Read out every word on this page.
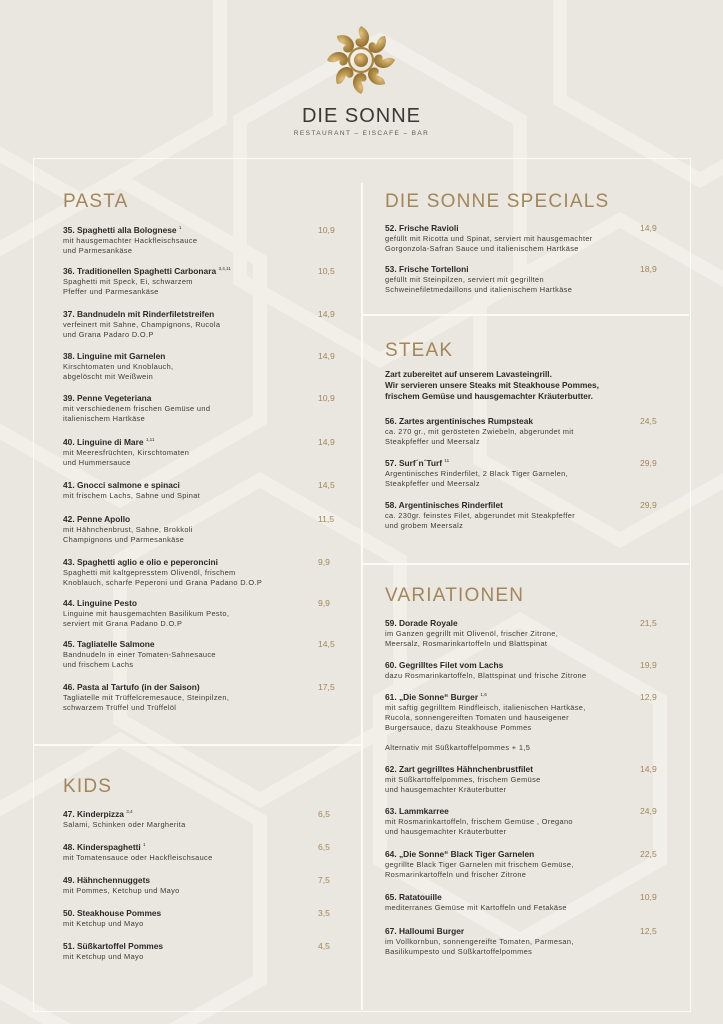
DIE SONNE
RESTAURANT – EISCAFE – BAR
PASTA
KIDS
DIE SONNE SPECIALS
STEAK
VARIATIONEN
Zart zubereitet auf unserem Lavasteingrill.
Wir servieren unsere Steaks mit Steakhouse Pommes,
frischem Gemüse und hausgemachter Kräuterbutter.
Alternativ mit Süßkartoffelpommes + 1,5
35. Spaghetti alla Bolognese $^1$
mit hausgemachter Hackfleischsauce
und Parmesankäse
10,9
36. Traditionellen Spaghetti Carbonara $^{3,4,11}$
Spaghetti mit Speck, Ei, schwarzem
Pfeffer und Parmesankäse
10,5
37. Bandnudeln mit Rinderfiletstreifen
verfeinert mit Sahne, Champignons, Rucola
und Grana Padaro D.O.P
14,9
38. Linguine mit Garnelen
Kirschtomaten und Knoblauch,
abgelöscht mit Weißwein
14,9
39. Penne Vegeteriana
mit verschiedenem frischen Gemüse und
italienischem Hartkäse
10,9
40. Linguine di Mare $^{1,11}$
mit Meeresfrüchten, Kirschtomaten
und Hummersauce
14,9
41. Gnocci salmone e spinaci
mit frischem Lachs, Sahne und Spinat
14,5
42. Penne Apollo
mit Hähnchenbrust, Sahne, Brokkoli
Champignons und Parmesankäse
11,5
43. Spaghetti aglio e olio e peperoncini
Spaghetti mit kaltgepresstem Olivenöl, frischem
Knoblauch, scharfe Peperoni und Grana Padano D.O.P
9,9
44. Linguine Pesto
Linguine mit hausgemachten Basilikum Pesto,
serviert mit Grana Padano D.O.P
9,9
45. Tagliatelle Salmone
Bandnudeln in einer Tomaten-Sahnesauce
und frischem Lachs
14,5
46. Pasta al Tartufo (in der Saison)
Tagliatelle mit Trüffelcremesauce, Steinpilzen,
schwarzem Trüffel und Trüffelöl
17,5
47. Kinderpizza $^{3,4}$
Salami, Schinken oder Margherita
6,5
48. Kinderspaghetti $^1$
mit Tomatensauce oder Hackfleischsauce
6,5
49. Hähnchennuggets
mit Pommes, Ketchup und Mayo
7,5
50. Steakhouse Pommes
mit Ketchup und Mayo
3,5
51. Süßkartoffel Pommes
mit Ketchup und Mayo
4,5
52. Frische Ravioli
gefüllt mit Ricotta und Spinat, serviert mit hausgemachter
Gorgonzola-Safran Sauce und italienischem Hartkäse
14,9
53. Frische Tortelloni
gefüllt mit Steinpilzen, serviert mit gegrillten
Schweinefiletmedaillons und italienischem Hartkäse
18,9
56. Zartes argentinisches Rumpsteak
ca. 270 gr., mit gerösteten Zwiebeln, abgerundet mit
Steakpfeffer und Meersalz
24,5
57. Surf´n´Turf $^{11}$
Argentinisches Rinderfilet, 2 Black Tiger Garnelen,
Steakpfeffer und Meersalz
29,9
58. Argentinisches Rinderfilet
ca. 230gr. feinstes Filet, abgerundet mit Steakpfeffer
und grobem Meersalz
29,9
59. Dorade Royale
im Ganzen gegrillt mit Olivenöl, frischer Zitrone,
Meersalz, Rosmarinkartoffeln und Blattspinat
21,5
60. Gegrilltes Filet vom Lachs
dazu Rosmarinkartoffeln, Blattspinat und frische Zitrone
19,9
61. „Die Sonne“ Burger $^{1,6}$
mit saftig gegrilltem Rindfleisch, italienischen Hartkäse,
Rucola, sonnengereiften Tomaten und hauseigener
Burgersauce, dazu Steakhouse Pommes
12,9
62. Zart gegrilltes Hähnchenbrustfilet
mit Süßkartoffelpommes, frischem Gemüse
und hausgemachter Kräuterbutter
14,9
63. Lammkarree
mit Rosmarinkartoffeln, frischem Gemüse , Oregano
und hausgemachter Kräuterbutter
24,9
64. „Die Sonne“ Black Tiger Garnelen
gegrillte Black Tiger Garnelen mit frischem Gemüse,
Rosmarinkartoffeln und frischer Zitrone
22,5
65. Ratatouille
mediterranes Gemüse mit Kartoffeln und Fetakäse
10,9
67. Halloumi Burger
im Vollkornbun, sonnengereifte Tomaten, Parmesan,
Basilikumpesto und Süßkartoffelpommes
12,5
